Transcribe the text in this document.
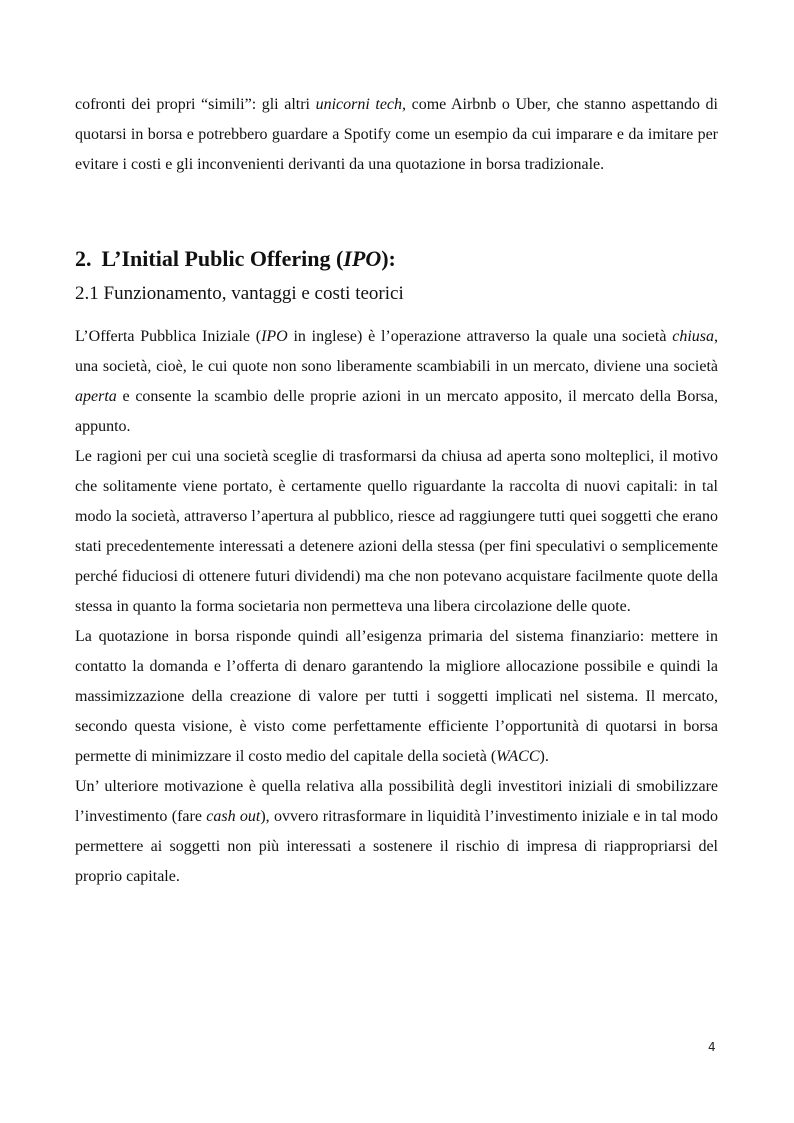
cofronti dei propri “simili”: gli altri unicorni tech, come Airbnb o Uber, che stanno aspettando di quotarsi in borsa e potrebbero guardare a Spotify come un esempio da cui imparare e da imitare per evitare i costi e gli inconvenienti derivanti da una quotazione in borsa tradizionale.

2. L’Initial Public Offering (IPO):
2.1 Funzionamento, vantaggi e costi teorici

L’Offerta Pubblica Iniziale (IPO in inglese) è l’operazione attraverso la quale una società chiusa, una società, cioè, le cui quote non sono liberamente scambiabili in un mercato, diviene una società aperta e consente la scambio delle proprie azioni in un mercato apposito, il mercato della Borsa, appunto.

Le ragioni per cui una società sceglie di trasformarsi da chiusa ad aperta sono molteplici, il motivo che solitamente viene portato, è certamente quello riguardante la raccolta di nuovi capitali: in tal modo la società, attraverso l’apertura al pubblico, riesce ad raggiungere tutti quei soggetti che erano stati precedentemente interessati a detenere azioni della stessa (per fini speculativi o semplicemente perché fiduciosi di ottenere futuri dividendi) ma che non potevano acquistare facilmente quote della stessa in quanto la forma societaria non permetteva una libera circolazione delle quote.

La quotazione in borsa risponde quindi all’esigenza primaria del sistema finanziario: mettere in contatto la domanda e l’offerta di denaro garantendo la migliore allocazione possibile e quindi la massimizzazione della creazione di valore per tutti i soggetti implicati nel sistema. Il mercato, secondo questa visione, è visto come perfettamente efficiente l’opportunità di quotarsi in borsa permette di minimizzare il costo medio del capitale della società (WACC).

Un’ ulteriore motivazione è quella relativa alla possibilità degli investitori iniziali di smobilizzare l’investimento (fare cash out), ovvero ritrasformare in liquidità l’investimento iniziale e in tal modo permettere ai soggetti non più interessati a sostenere il rischio di impresa di riappropriarsi del proprio capitale.

4
